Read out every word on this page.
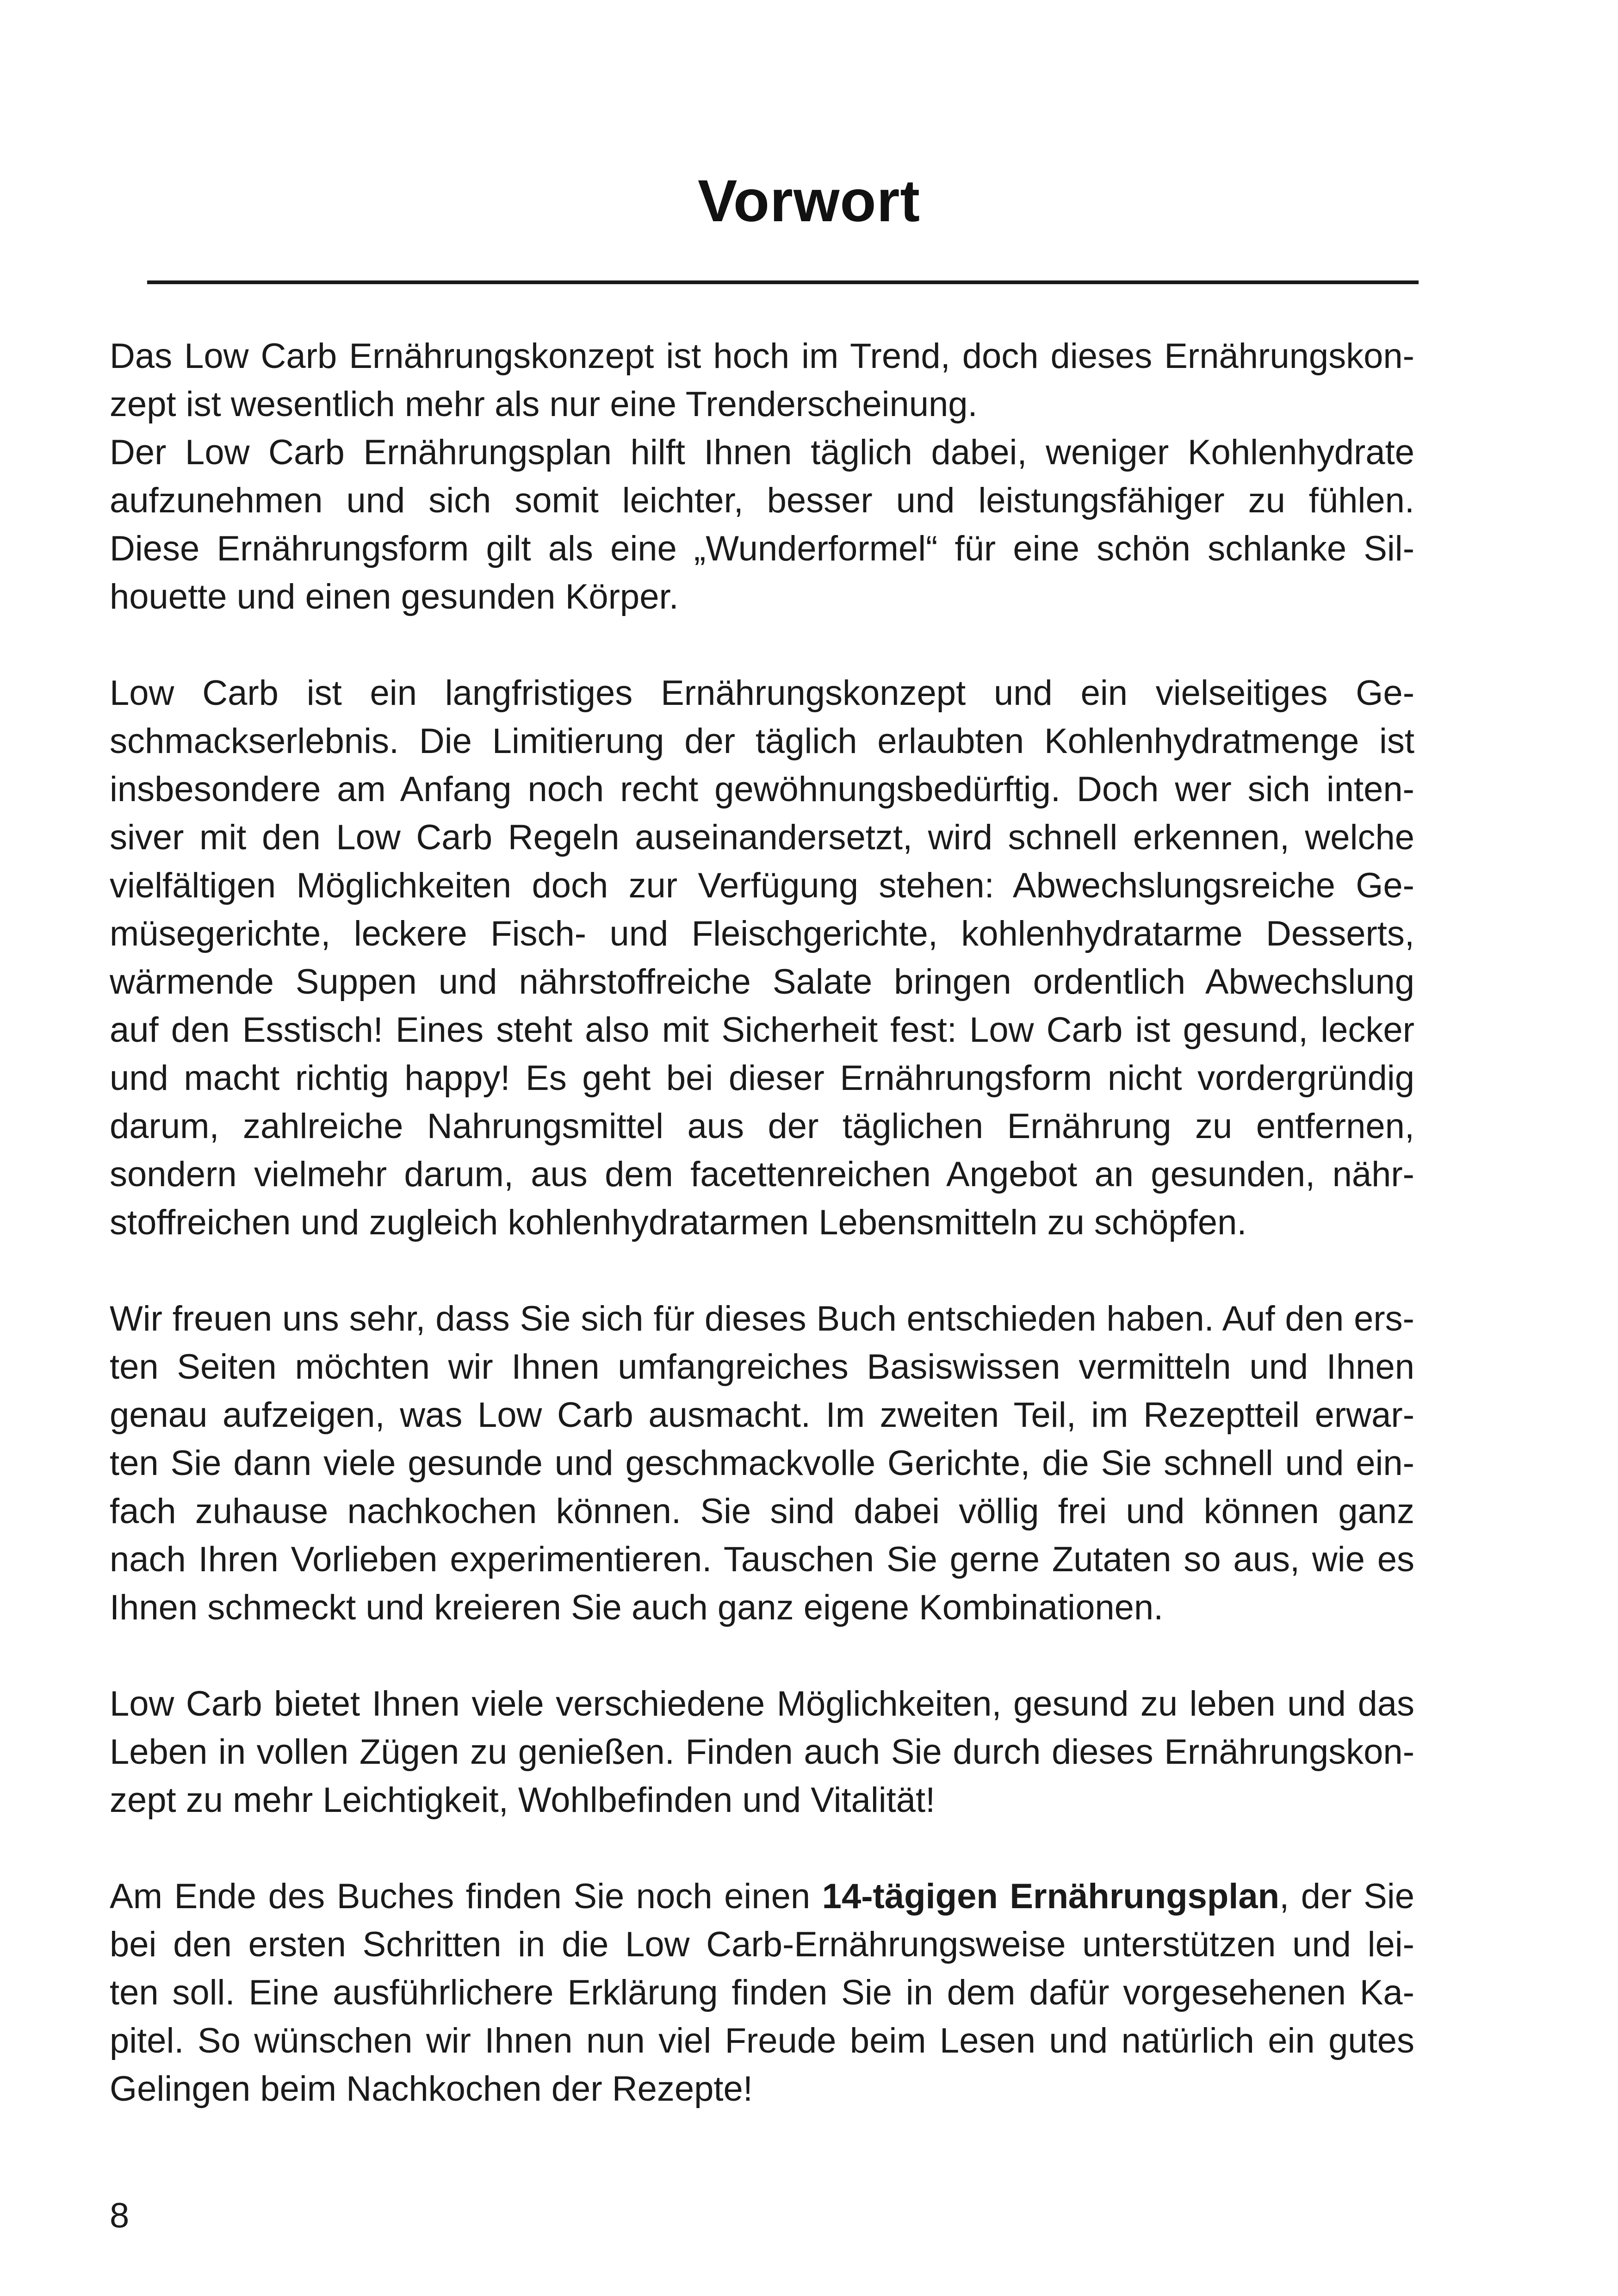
Vorwort

Das Low Carb Ernährungskonzept ist hoch im Trend, doch dieses Ernährungskon-
zept ist wesentlich mehr als nur eine Trenderscheinung.
Der Low Carb Ernährungsplan hilft Ihnen täglich dabei, weniger Kohlenhydrate
aufzunehmen und sich somit leichter, besser und leistungsfähiger zu fühlen.
Diese Ernährungsform gilt als eine „Wunderformel“ für eine schön schlanke Sil-
houette und einen gesunden Körper.

Low Carb ist ein langfristiges Ernährungskonzept und ein vielseitiges Ge-
schmackserlebnis. Die Limitierung der täglich erlaubten Kohlenhydratmenge ist
insbesondere am Anfang noch recht gewöhnungsbedürftig. Doch wer sich inten-
siver mit den Low Carb Regeln auseinandersetzt, wird schnell erkennen, welche
vielfältigen Möglichkeiten doch zur Verfügung stehen: Abwechslungsreiche Ge-
müsegerichte, leckere Fisch- und Fleischgerichte, kohlenhydratarme Desserts,
wärmende Suppen und nährstoffreiche Salate bringen ordentlich Abwechslung
auf den Esstisch! Eines steht also mit Sicherheit fest: Low Carb ist gesund, lecker
und macht richtig happy! Es geht bei dieser Ernährungsform nicht vordergründig
darum, zahlreiche Nahrungsmittel aus der täglichen Ernährung zu entfernen,
sondern vielmehr darum, aus dem facettenreichen Angebot an gesunden, nähr-
stoffreichen und zugleich kohlenhydratarmen Lebensmitteln zu schöpfen.

Wir freuen uns sehr, dass Sie sich für dieses Buch entschieden haben. Auf den ers-
ten Seiten möchten wir Ihnen umfangreiches Basiswissen vermitteln und Ihnen
genau aufzeigen, was Low Carb ausmacht. Im zweiten Teil, im Rezeptteil erwar-
ten Sie dann viele gesunde und geschmackvolle Gerichte, die Sie schnell und ein-
fach zuhause nachkochen können. Sie sind dabei völlig frei und können ganz
nach Ihren Vorlieben experimentieren. Tauschen Sie gerne Zutaten so aus, wie es
Ihnen schmeckt und kreieren Sie auch ganz eigene Kombinationen.

Low Carb bietet Ihnen viele verschiedene Möglichkeiten, gesund zu leben und das
Leben in vollen Zügen zu genießen. Finden auch Sie durch dieses Ernährungskon-
zept zu mehr Leichtigkeit, Wohlbefinden und Vitalität!

Am Ende des Buches finden Sie noch einen 14-tägigen Ernährungsplan, der Sie
bei den ersten Schritten in die Low Carb-Ernährungsweise unterstützen und lei-
ten soll. Eine ausführlichere Erklärung finden Sie in dem dafür vorgesehenen Ka-
pitel. So wünschen wir Ihnen nun viel Freude beim Lesen und natürlich ein gutes
Gelingen beim Nachkochen der Rezepte!

8
